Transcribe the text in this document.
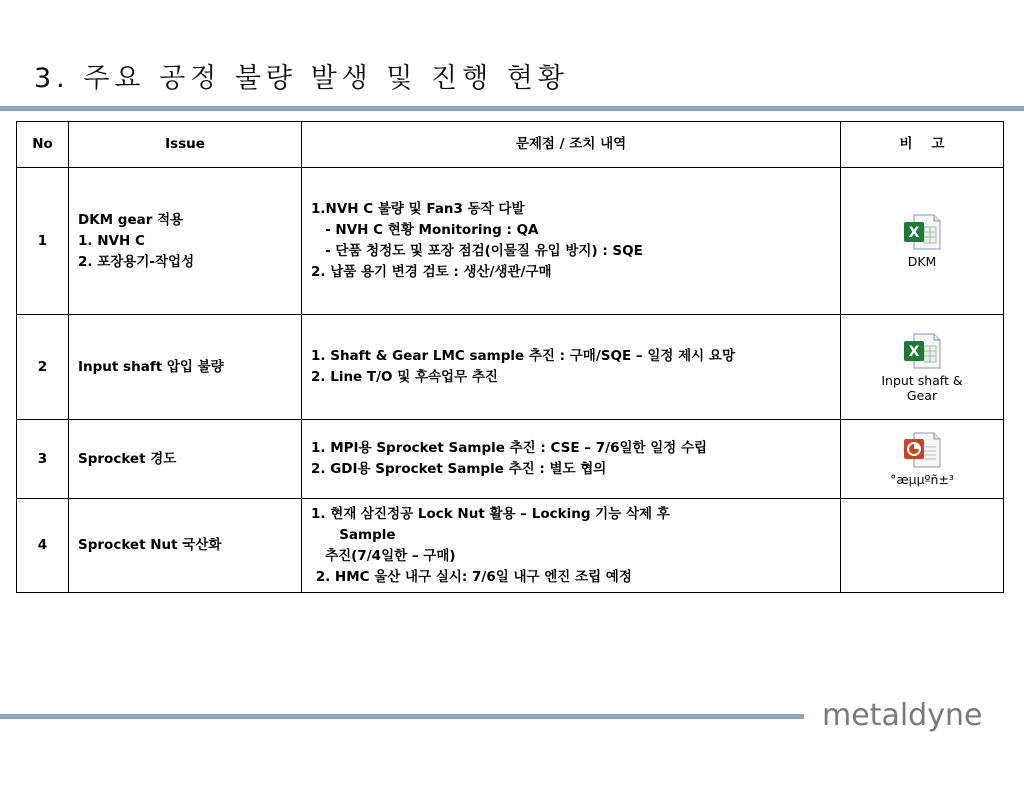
3. 주요 공정 불량 발생 및 진행 현황
No	Issue	문제점 / 조치 내역	비    고
1	DKM gear 적용
1. NVH C
2. 포장용기-작업성	1.NVH C 불량 및 Fan3 동작 다발
- NVH C 현황 Monitoring : QA
- 단품 청정도 및 포장 점검(이물질 유입 방지) : SQE
2. 납품 용기 변경 검토 : 생산/생관/구매	X
DKM

2	Input shaft 압입 불량	1. Shaft & Gear LMC sample 추진 : 구매/SQE – 일정 제시 요망
2. Line T/O 및 후속업무 추진	X
Input shaft &
Gear

3	Sprocket 경도	1. MPI용 Sprocket Sample 추진 : CSE – 7/6일한 일정 수립
2. GDI용 Sprocket Sample 추진 : 별도 협의	°æµµºñ±³

4	Sprocket Nut 국산화	1. 현재 삼진정공 Lock Nut 활용 – Locking 기능 삭제 후
Sample
추진(7/4일한 – 구매)
2. HMC 울산 내구 실시: 7/6일 내구 엔진 조립 예정	

metaldyne
